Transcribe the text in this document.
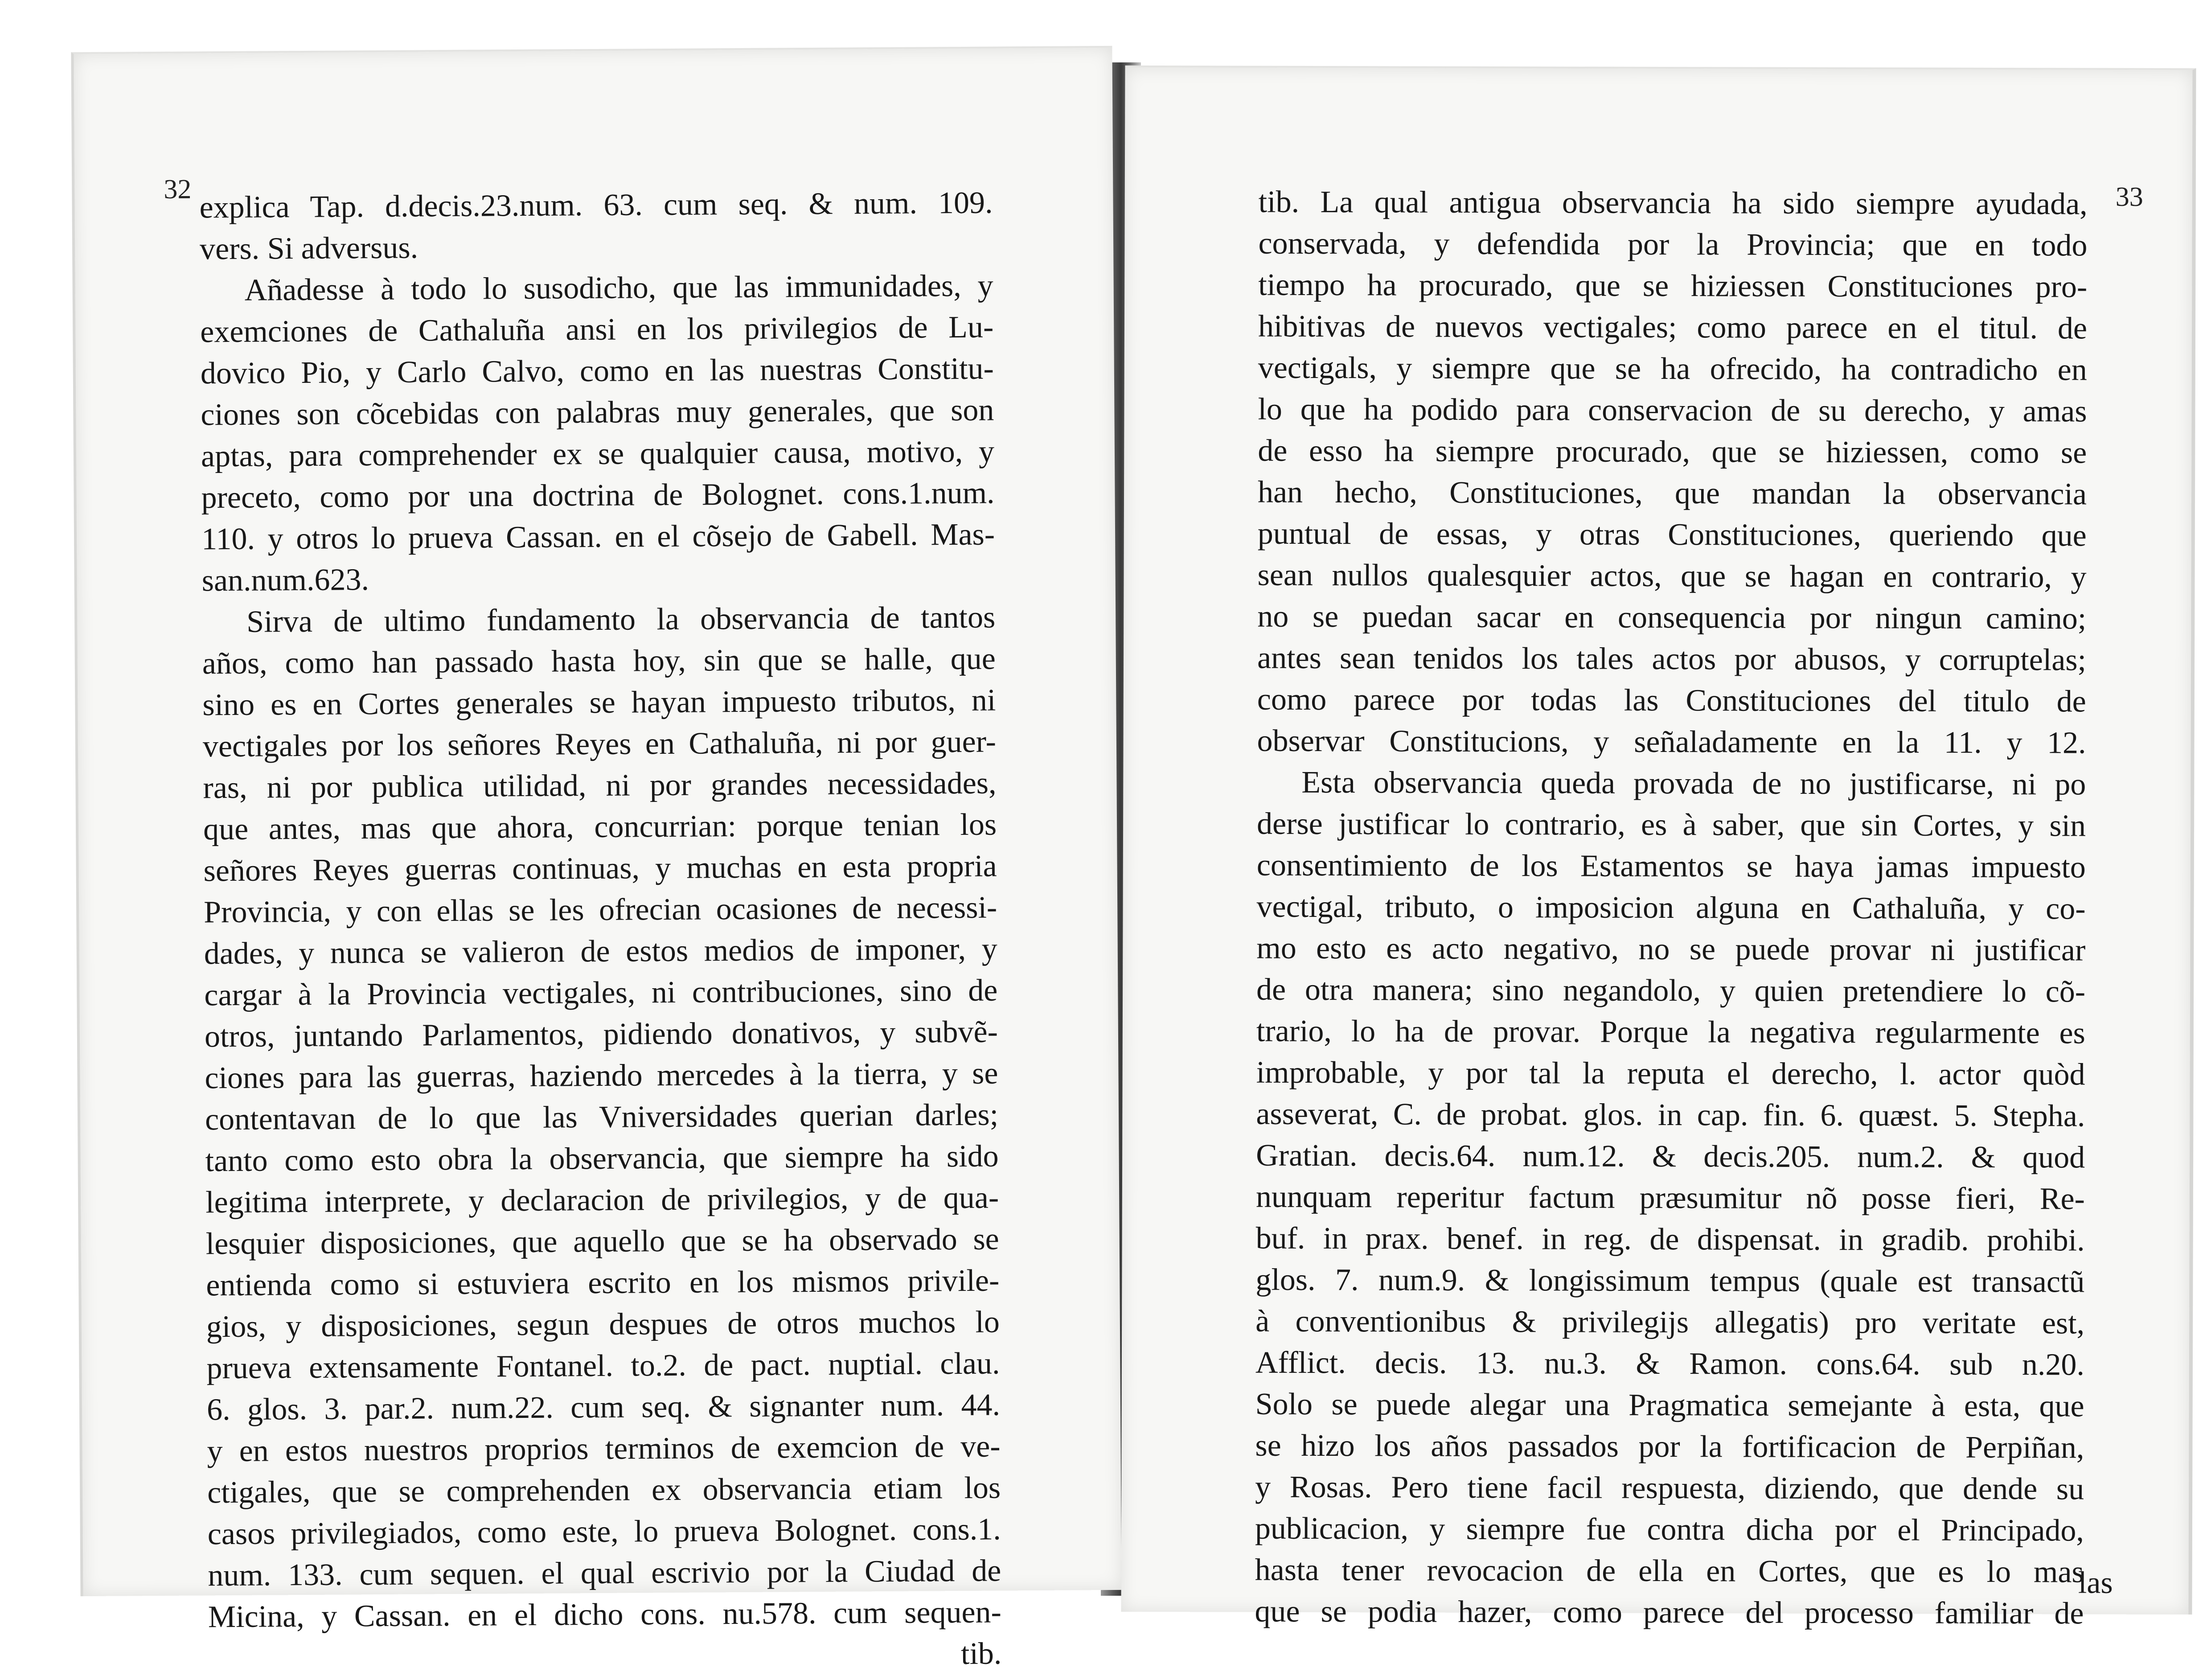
32 explica Tap. d.decis.23.num. 63. cum seq. & num. 109.
vers. Si adversus.
Añadesse à todo lo susodicho, que las immunidades, y
exemciones de Cathaluña ansi en los privilegios de Lu-
dovico Pio, y Carlo Calvo, como en las nuestras Constitu-
ciones son cõcebidas con palabras muy generales, que son
aptas, para comprehender ex se qualquier causa, motivo, y
preceto, como por una doctrina de Bolognet. cons.1.num.
110. y otros lo prueva Cassan. en el cõsejo de Gabell. Mas-
san.num.623.
Sirva de ultimo fundamento la observancia de tantos
años, como han passado hasta hoy, sin que se halle, que
sino es en Cortes generales se hayan impuesto tributos, ni
vectigales por los señores Reyes en Cathaluña, ni por guer-
ras, ni por publica utilidad, ni por grandes necessidades,
que antes, mas que ahora, concurrian: porque tenian los
señores Reyes guerras continuas, y muchas en esta propria
Provincia, y con ellas se les ofrecian ocasiones de necessi-
dades, y nunca se valieron de estos medios de imponer, y
cargar à la Provincia vectigales, ni contribuciones, sino de
otros, juntando Parlamentos, pidiendo donativos, y subvẽ-
ciones para las guerras, haziendo mercedes à la tierra, y se
contentavan de lo que las Vniversidades querian darles;
tanto como esto obra la observancia, que siempre ha sido
legitima interprete, y declaracion de privilegios, y de qua-
lesquier disposiciones, que aquello que se ha observado se
entienda como si estuviera escrito en los mismos privile-
gios, y disposiciones, segun despues de otros muchos lo
prueva extensamente Fontanel. to.2. de pact. nuptial. clau.
6. glos. 3. par.2. num.22. cum seq. & signanter num. 44.
y en estos nuestros proprios terminos de exemcion de ve-
ctigales, que se comprehenden ex observancia etiam los
casos privilegiados, como este, lo prueva Bolognet. cons.1.
num. 133. cum sequen. el qual escrivio por la Ciudad de
Micina, y Cassan. en el dicho cons. nu.578. cum sequen-
tib.
33
tib. La qual antigua observancia ha sido siempre ayudada,
conservada, y defendida por la Provincia; que en todo
tiempo ha procurado, que se hiziessen Constituciones pro-
hibitivas de nuevos vectigales; como parece en el titul. de
vectigals, y siempre que se ha ofrecido, ha contradicho en
lo que ha podido para conservacion de su derecho, y amas
de esso ha siempre procurado, que se hiziessen, como se
han hecho, Constituciones, que mandan la observancia
puntual de essas, y otras Constituciones, queriendo que
sean nullos qualesquier actos, que se hagan en contrario, y
no se puedan sacar en consequencia por ningun camino;
antes sean tenidos los tales actos por abusos, y corruptelas;
como parece por todas las Constituciones del titulo de
observar Constitucions, y señaladamente en la 11. y 12.
Esta observancia queda provada de no justificarse, ni po
derse justificar lo contrario, es à saber, que sin Cortes, y sin
consentimiento de los Estamentos se haya jamas impuesto
vectigal, tributo, o imposicion alguna en Cathaluña, y co-
mo esto es acto negativo, no se puede provar ni justificar
de otra manera; sino negandolo, y quien pretendiere lo cõ-
trario, lo ha de provar. Porque la negativa regularmente es
improbable, y por tal la reputa el derecho, l. actor quòd
asseverat, C. de probat. glos. in cap. fin. 6. quæst. 5. Stepha.
Gratian. decis.64. num.12. & decis.205. num.2. & quod
nunquam reperitur factum præsumitur nõ posse fieri, Re-
buf. in prax. benef. in reg. de dispensat. in gradib. prohibi.
glos. 7. num.9. & longissimum tempus (quale est transactũ
à conventionibus & privilegijs allegatis) pro veritate est,
Afflict. decis. 13. nu.3. & Ramon. cons.64. sub n.20.
Solo se puede alegar una Pragmatica semejante à esta, que
se hizo los años passados por la fortificacion de Perpiñan,
y Rosas. Pero tiene facil respuesta, diziendo, que dende su
publicacion, y siempre fue contra dicha por el Principado,
hasta tener revocacion de ella en Cortes, que es lo mas
que se podia hazer, como parece del processo familiar de
las
